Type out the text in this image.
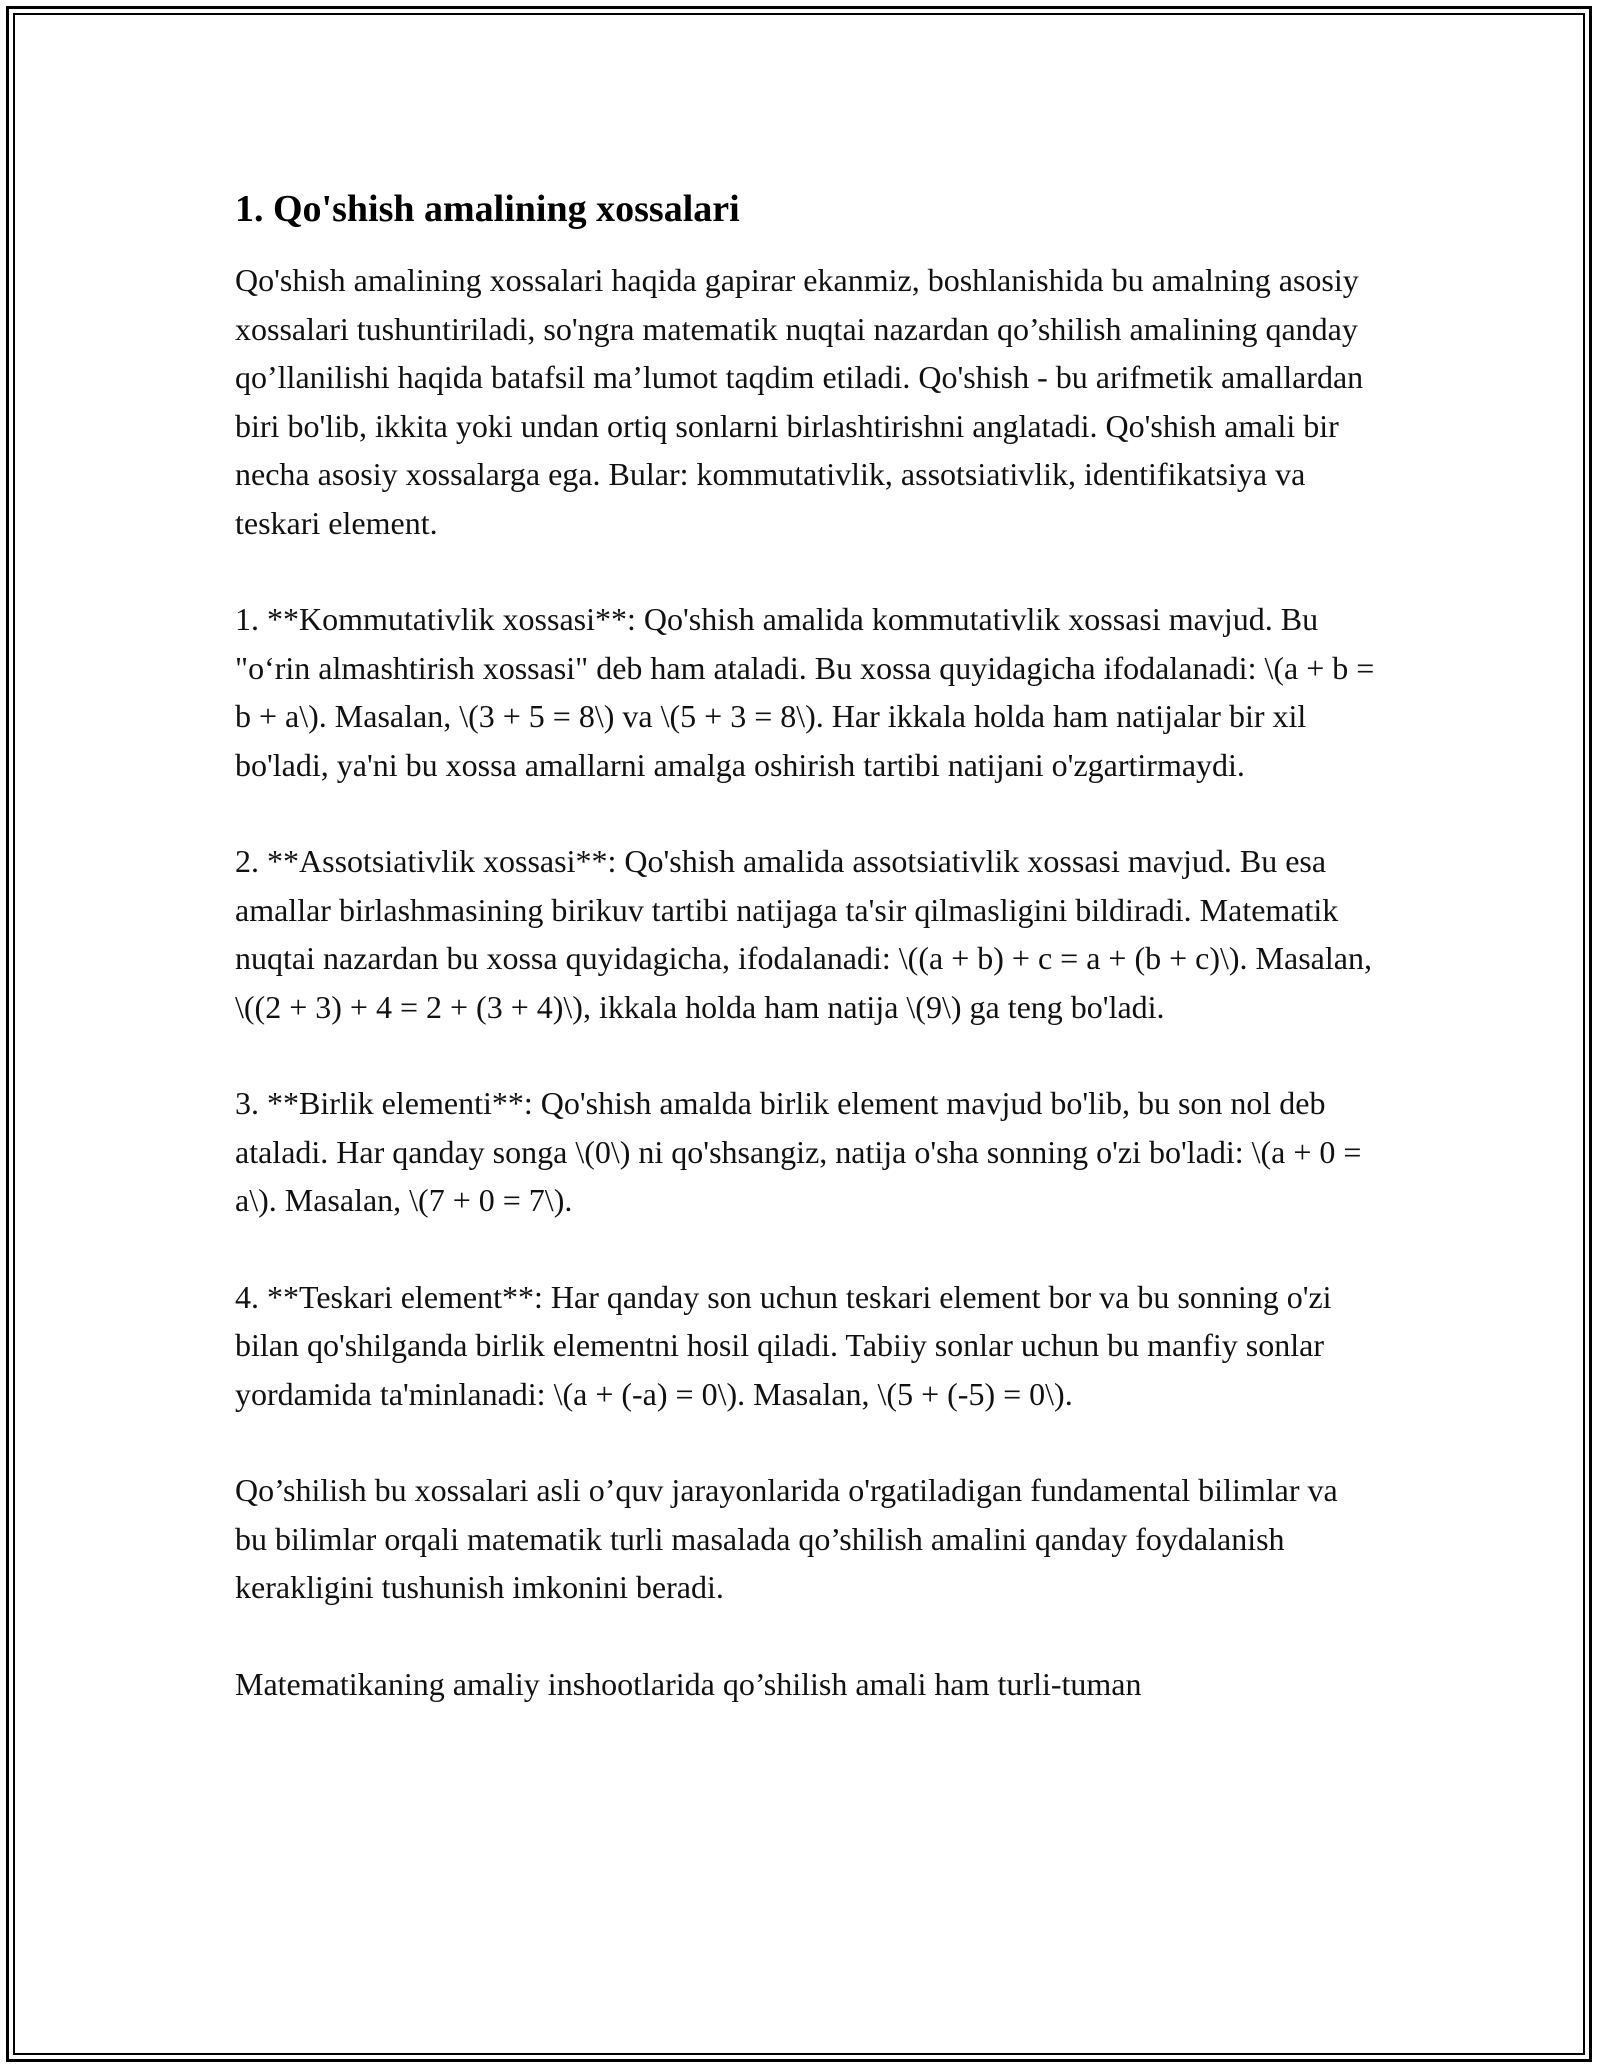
1. Qo'shish amalining xossalari

Qo'shish amalining xossalari haqida gapirar ekanmiz, boshlanishida bu amalning asosiy xossalari tushuntiriladi, so'ngra matematik nuqtai nazardan qo’shilish amalining qanday qo’llanilishi haqida batafsil ma’lumot taqdim etiladi. Qo'shish - bu arifmetik amallardan biri bo'lib, ikkita yoki undan ortiq sonlarni birlashtirishni anglatadi. Qo'shish amali bir necha asosiy xossalarga ega. Bular: kommutativlik, assotsiativlik, identifikatsiya va teskari element.

1. **Kommutativlik xossasi**: Qo'shish amalida kommutativlik xossasi mavjud. Bu "o‘rin almashtirish xossasi" deb ham ataladi. Bu xossa quyidagicha ifodalanadi: \(a + b = b + a\). Masalan, \(3 + 5 = 8\) va \(5 + 3 = 8\). Har ikkala holda ham natijalar bir xil bo'ladi, ya'ni bu xossa amallarni amalga oshirish tartibi natijani o'zgartirmaydi.

2. **Assotsiativlik xossasi**: Qo'shish amalida assotsiativlik xossasi mavjud. Bu esa amallar birlashmasining birikuv tartibi natijaga ta'sir qilmasligini bildiradi. Matematik nuqtai nazardan bu xossa quyidagicha, ifodalanadi: \((a + b) + c = a + (b + c)\). Masalan, \((2 + 3) + 4 = 2 + (3 + 4)\), ikkala holda ham natija \(9\) ga teng bo'ladi.

3. **Birlik elementi**: Qo'shish amalda birlik element mavjud bo'lib, bu son nol deb ataladi. Har qanday songa \(0\) ni qo'shsangiz, natija o'sha sonning o'zi bo'ladi: \(a + 0 = a\). Masalan, \(7 + 0 = 7\).

4. **Teskari element**: Har qanday son uchun teskari element bor va bu sonning o'zi bilan qo'shilganda birlik elementni hosil qiladi. Tabiiy sonlar uchun bu manfiy sonlar yordamida ta'minlanadi: \(a + (-a) = 0\). Masalan, \(5 + (-5) = 0\).

Qo’shilish bu xossalari asli o’quv jarayonlarida o'rgatiladigan fundamental bilimlar va bu bilimlar orqali matematik turli masalada qo’shilish amalini qanday foydalanish kerakligini tushunish imkonini beradi.

Matematikaning amaliy inshootlarida qo’shilish amali ham turli-tuman
